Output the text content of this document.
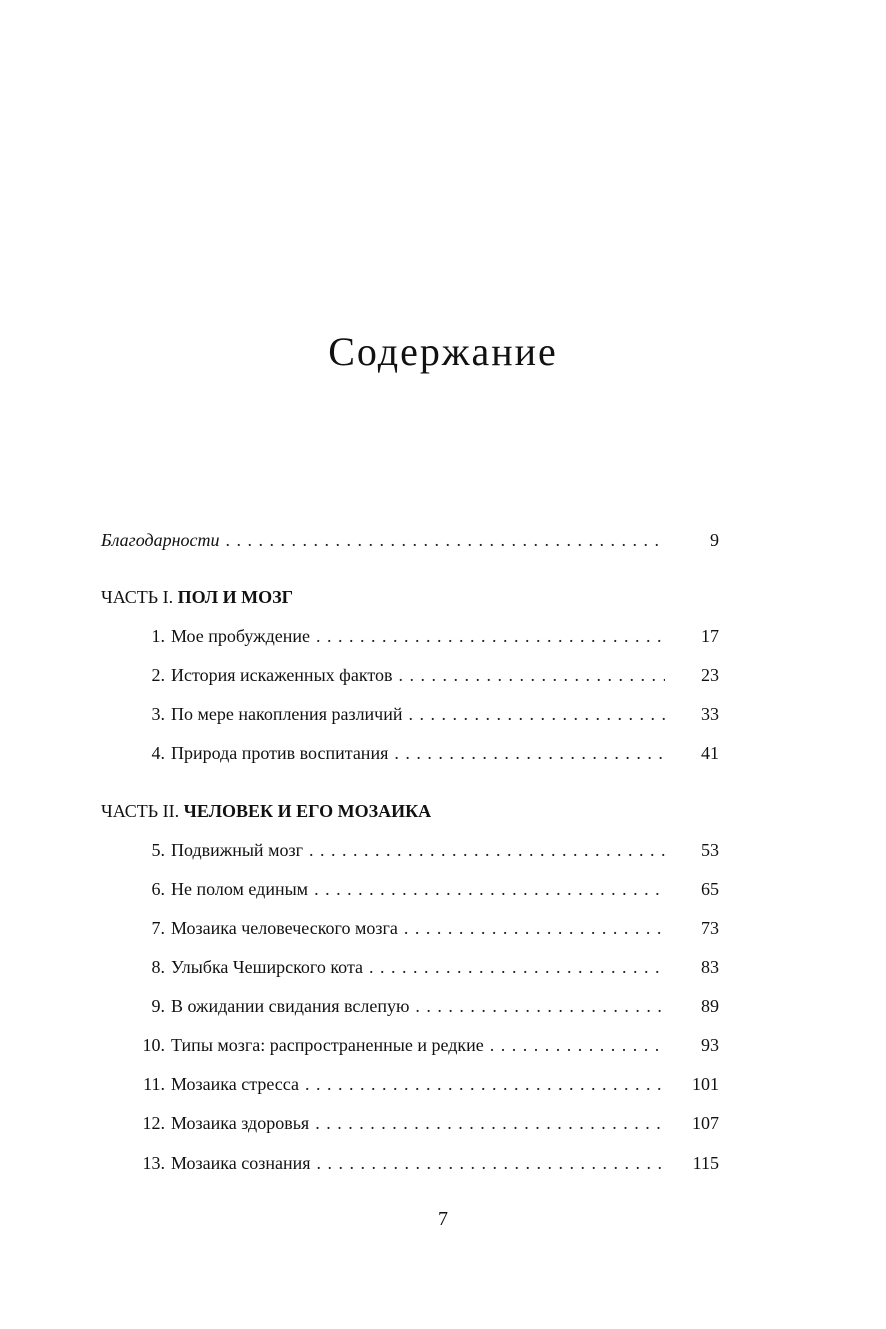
Содержание
Благодарности . . .	9
ЧАСТЬ I. ПОЛ И МОЗГ
1. Мое пробуждение . . .	17
2. История искаженных фактов . . .	23
3. По мере накопления различий . . .	33
4. Природа против воспитания . . .	41
ЧАСТЬ II. ЧЕЛОВЕК И ЕГО МОЗАИКА
5. Подвижный мозг . . .	53
6. Не полом единым . . .	65
7. Мозаика человеческого мозга . . .	73
8. Улыбка Чеширского кота . . .	83
9. В ожидании свидания вслепую . . .	89
10. Типы мозга: распространенные и редкие . . .	93
11. Мозаика стресса . . .	101
12. Мозаика здоровья . . .	107
13. Мозаика сознания . . .	115
7
